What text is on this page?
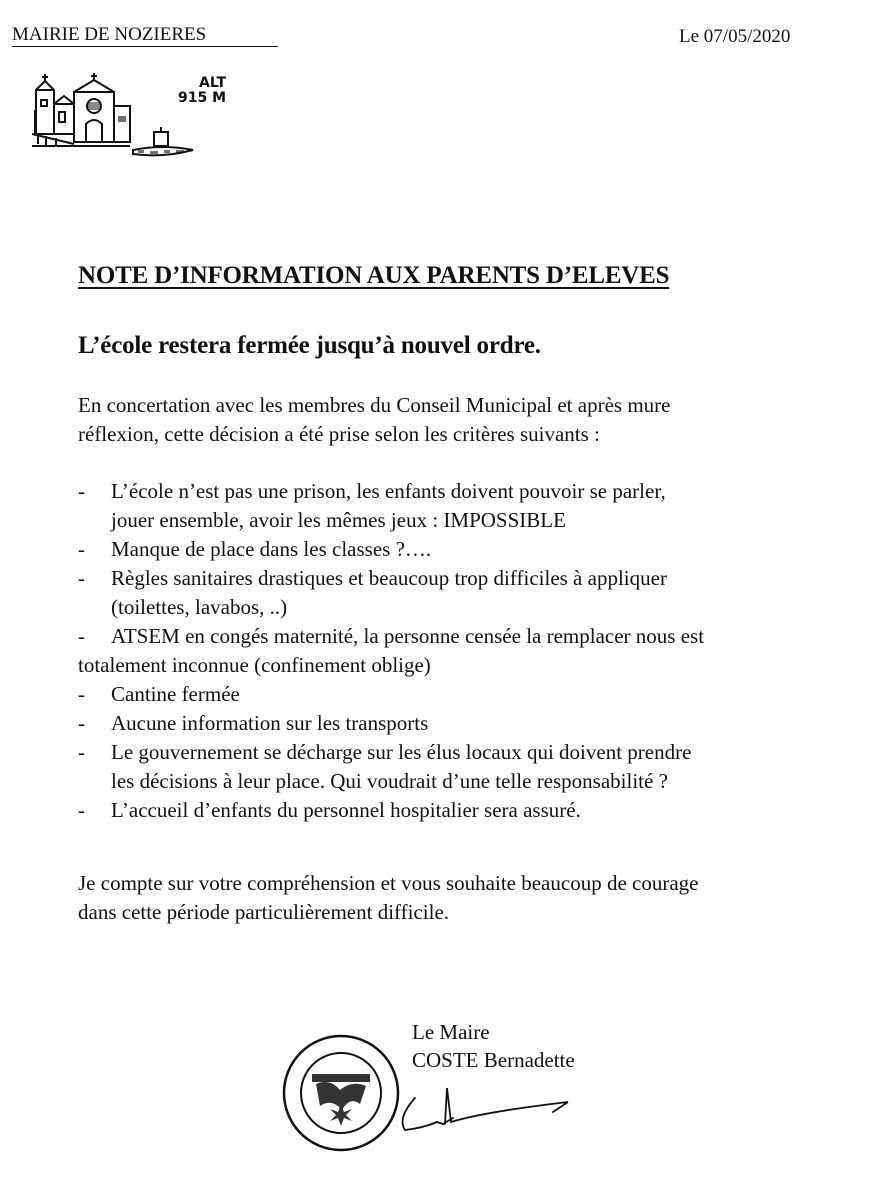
MAIRIE DE NOZIERES	Le 07/05/2020
ALT
915 M
NOTE D’INFORMATION AUX PARENTS D’ELEVES
L’école restera fermée jusqu’à nouvel ordre.

En concertation avec les membres du Conseil Municipal et après mure

réflexion, cette décision a été prise selon les critères suivants :

- L’école n’est pas une prison, les enfants doivent pouvoir se parler,
jouer ensemble, avoir les mêmes jeux : IMPOSSIBLE
- Manque de place dans les classes ?….
- Règles sanitaires drastiques et beaucoup trop difficiles à appliquer
(toilettes, lavabos, ..)
- ATSEM en congés maternité, la personne censée la remplacer nous est
totalement inconnue (confinement oblige)
- Cantine fermée
- Aucune information sur les transports
- Le gouvernement se décharge sur les élus locaux qui doivent prendre
les décisions à leur place. Qui voudrait d’une telle responsabilité ?
- L’accueil d’enfants du personnel hospitalier sera assuré.

Je compte sur votre compréhension et vous souhaite beaucoup de courage

dans cette période particulièrement difficile.

Le Maire

COSTE Bernadette
